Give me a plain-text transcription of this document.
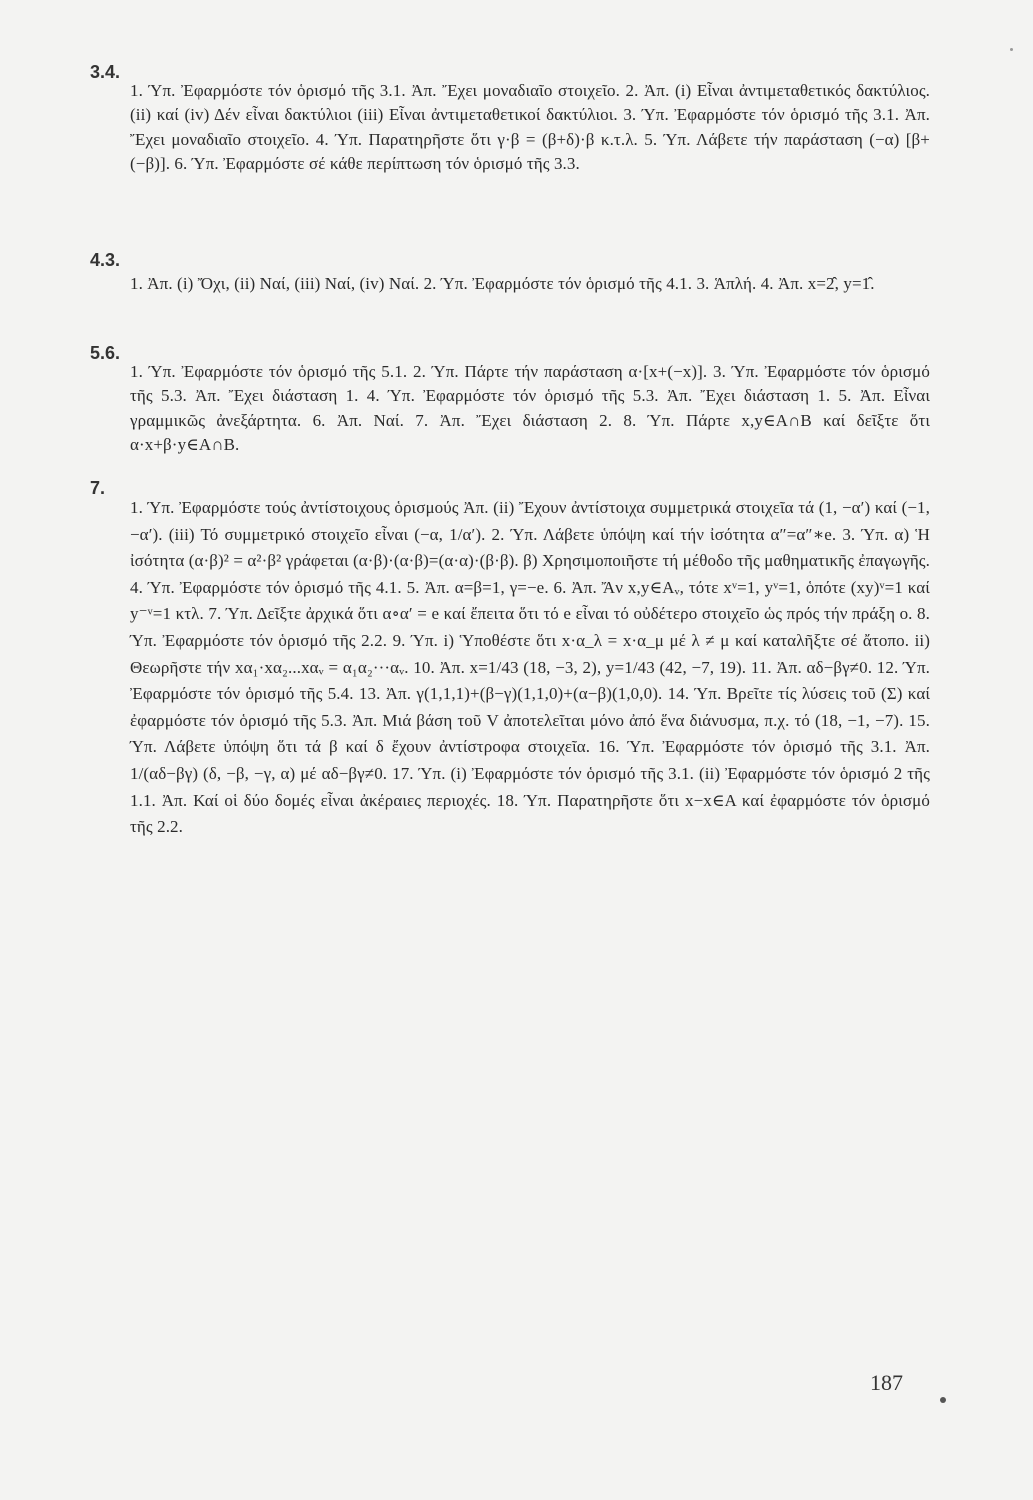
3.4.

1. Ύπ. Ἐφαρμόστε τόν ὁρισμό τῆς 3.1. Ἀπ. Ἔχει μοναδιαῖο στοιχεῖο. 2. Ἀπ. (i) Εἶναι ἀντιμεταθετικός δακτύλιος. (ii) καί (iv) Δέν εἶναι δακτύλιοι (iii) Εἶναι ἀντιμεταθετικοί δακτύλιοι. 3. Ύπ. Ἐφαρμόστε τόν ὁρισμό τῆς 3.1. Ἀπ. Ἔχει μοναδιαῖο στοιχεῖο. 4. Ύπ. Παρατηρῆστε ὅτι γ·β = (β+δ)·β κ.τ.λ. 5. Ύπ. Λάβετε τήν παράσταση (−α) [β+(−β)]. 6. Ύπ. Ἐφαρμόστε σέ κάθε περίπτωση τόν ὁρισμό τῆς 3.3.

4.3.

1. Ἀπ. (i) Ὄχι, (ii) Ναί, (iii) Ναί, (iv) Ναί. 2. Ύπ. Ἐφαρμόστε τόν ὁρισμό τῆς 4.1. 3. Ἁπλή. 4. Ἀπ. x=2̂, y=1̂.

5.6.

1. Ύπ. Ἐφαρμόστε τόν ὁρισμό τῆς 5.1. 2. Ύπ. Πάρτε τήν παράσταση α·[x+(−x)]. 3. Ύπ. Ἐφαρμόστε τόν ὁρισμό τῆς 5.3. Ἀπ. Ἔχει διάσταση 1. 4. Ύπ. Ἐφαρμόστε τόν ὁρισμό τῆς 5.3. Ἀπ. Ἔχει διάσταση 1. 5. Ἀπ. Εἶναι γραμμικῶς ἀνεξάρτητα. 6. Ἀπ. Ναί. 7. Ἀπ. Ἔχει διάσταση 2. 8. Ύπ. Πάρτε x,y∈A∩B καί δεῖξτε ὅτι α·x+β·y∈A∩B.

7.

1. Ύπ. Ἐφαρμόστε τούς ἀντίστοιχους ὁρισμούς Ἀπ. (ii) Ἔχουν ἀντίστοιχα συμμετρικά στοιχεῖα τά (1, −α′) καί (−1, −α′). (iii) Τό συμμετρικό στοιχεῖο εἶναι (−α, 1/α′). 2. Ύπ. Λάβετε ὑπόψη καί τήν ἰσότητα α″=α″∗e. 3. Ύπ. α) Ἡ ἰσότητα (α·β)² = α²·β² γράφεται (α·β)·(α·β)=(α·α)·(β·β). β) Χρησιμοποιῆστε τή μέθοδο τῆς μαθηματικῆς ἐπαγωγῆς. 4. Ύπ. Ἐφαρμόστε τόν ὁρισμό τῆς 4.1. 5. Ἀπ. α=β=1, γ=−e. 6. Ἀπ. Ἄν x,y∈Aᵥ, τότε xᵛ=1, yᵛ=1, ὁπότε (xy)ᵛ=1 καί y⁻ᵛ=1 κτλ. 7. Ύπ. Δεῖξτε ἀρχικά ὅτι α∘α′ = e καί ἔπειτα ὅτι τό e εἶναι τό οὐδέτερο στοιχεῖο ὡς πρός τήν πράξη ο. 8. Ύπ. Ἐφαρμόστε τόν ὁρισμό τῆς 2.2. 9. Ύπ. i) Ὑποθέστε ὅτι x·α_λ = x·α_μ μέ λ ≠ μ καί καταλῆξτε σέ ἄτοπο. ii) Θεωρῆστε τήν xα₁·xα₂...xαᵥ = α₁α₂···αᵥ. 10. Ἀπ. x=1/43 (18, −3, 2), y=1/43 (42, −7, 19). 11. Ἀπ. αδ−βγ≠0. 12. Ύπ. Ἐφαρμόστε τόν ὁρισμό τῆς 5.4. 13. Ἀπ. γ(1,1,1)+(β−γ)(1,1,0)+(α−β)(1,0,0). 14. Ύπ. Βρεῖτε τίς λύσεις τοῦ (Σ) καί ἐφαρμόστε τόν ὁρισμό τῆς 5.3. Ἀπ. Μιά βάση τοῦ V ἀποτελεῖται μόνο ἀπό ἕνα διάνυσμα, π.χ. τό (18, −1, −7). 15. Ύπ. Λάβετε ὑπόψη ὅτι τά β καί δ ἔχουν ἀντίστροφα στοιχεῖα. 16. Ύπ. Ἐφαρμόστε τόν ὁρισμό τῆς 3.1. Ἀπ. 1/(αδ−βγ) (δ, −β, −γ, α) μέ αδ−βγ≠0. 17. Ύπ. (i) Ἐφαρμόστε τόν ὁρισμό τῆς 3.1. (ii) Ἐφαρμόστε τόν ὁρισμό 2 τῆς 1.1. Ἀπ. Καί οἱ δύο δομές εἶναι ἀκέραιες περιοχές. 18. Ύπ. Παρατηρῆστε ὅτι x−x∈A καί ἐφαρμόστε τόν ὁρισμό τῆς 2.2.

187
